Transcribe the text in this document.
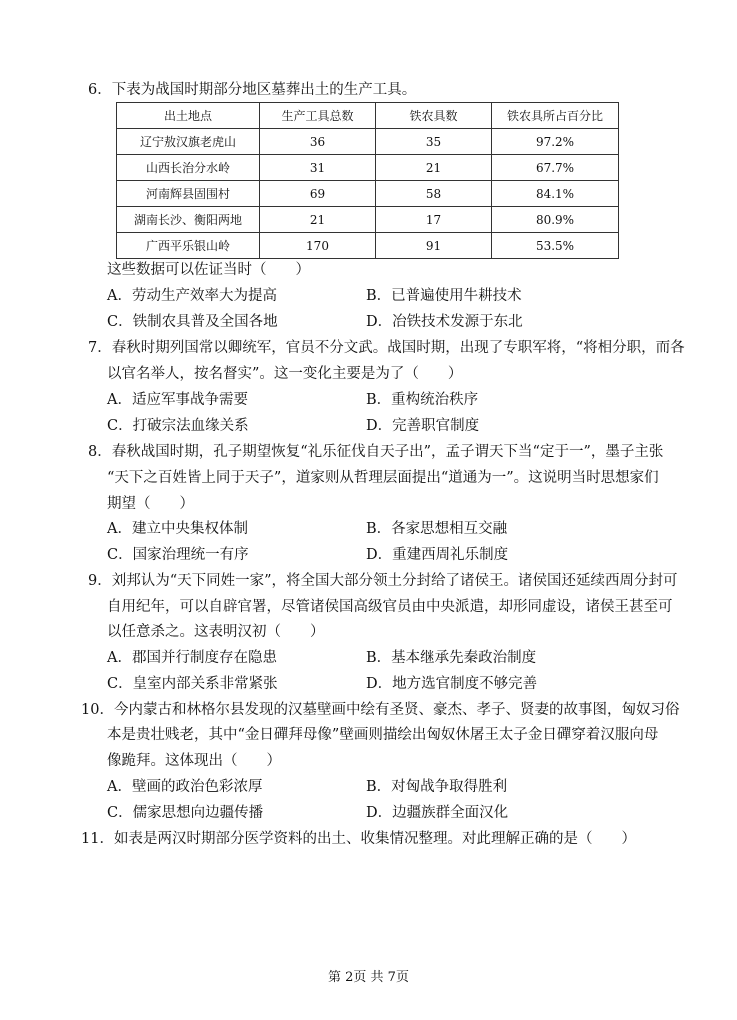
6．下表为战国时期部分地区墓葬出土的生产工具。
出土地点	生产工具总数	铁农具数	铁农具所占百分比
辽宁敖汉旗老虎山	36	35	97.2%
山西长治分水岭	31	21	67.7%
河南辉县固围村	69	58	84.1%
湖南长沙、衡阳两地	21	17	80.9%
广西平乐银山岭	170	91	53.5%
这些数据可以佐证当时（　　）
A．劳动生产效率大为提高	B．已普遍使用牛耕技术
C．铁制农具普及全国各地	D．冶铁技术发源于东北
7．春秋时期列国常以卿统军，官员不分文武。战国时期，出现了专职军将，“将相分职，而各
以官名举人，按名督实”。这一变化主要是为了（　　）
A．适应军事战争需要	B．重构统治秩序
C．打破宗法血缘关系	D．完善职官制度
8．春秋战国时期，孔子期望恢复“礼乐征伐自天子出”，孟子谓天下当“定于一”，墨子主张
“天下之百姓皆上同于天子”，道家则从哲理层面提出“道通为一”。这说明当时思想家们
期望（　　）
A．建立中央集权体制	B．各家思想相互交融
C．国家治理统一有序	D．重建西周礼乐制度
9．刘邦认为“天下同姓一家”，将全国大部分领土分封给了诸侯王。诸侯国还延续西周分封可
自用纪年，可以自辟官署，尽管诸侯国高级官员由中央派遣，却形同虚设，诸侯王甚至可
以任意杀之。这表明汉初（　　）
A．郡国并行制度存在隐患	B．基本继承先秦政治制度
C．皇室内部关系非常紧张	D．地方选官制度不够完善
10．今内蒙古和林格尔县发现的汉墓壁画中绘有圣贤、豪杰、孝子、贤妻的故事图，匈奴习俗
本是贵壮贱老，其中“金日磾拜母像”壁画则描绘出匈奴休屠王太子金日磾穿着汉服向母
像跪拜。这体现出（　　）
A．壁画的政治色彩浓厚	B．对匈战争取得胜利
C．儒家思想向边疆传播	D．边疆族群全面汉化
11．如表是两汉时期部分医学资料的出土、收集情况整理。对此理解正确的是（　　）
第 2页 共 7页
